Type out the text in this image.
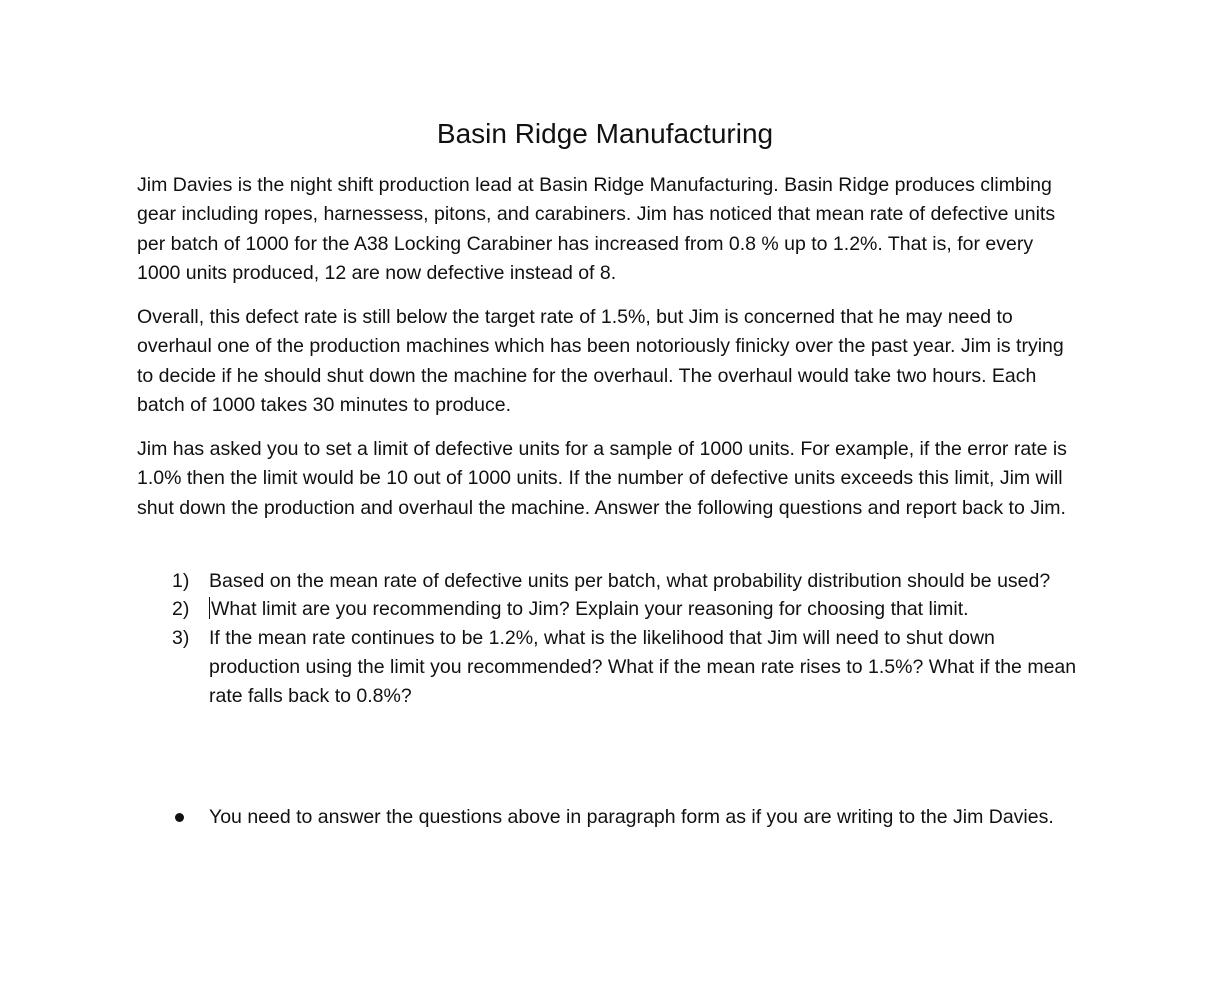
Basin Ridge Manufacturing

Jim Davies is the night shift production lead at Basin Ridge Manufacturing. Basin Ridge produces climbing gear including ropes, harnessess, pitons, and carabiners. Jim has noticed that mean rate of defective units per batch of 1000 for the A38 Locking Carabiner has increased from 0.8 % up to 1.2%. That is, for every 1000 units produced, 12 are now defective instead of 8.

Overall, this defect rate is still below the target rate of 1.5%, but Jim is concerned that he may need to overhaul one of the production machines which has been notoriously finicky over the past year. Jim is trying to decide if he should shut down the machine for the overhaul. The overhaul would take two hours. Each batch of 1000 takes 30 minutes to produce.

Jim has asked you to set a limit of defective units for a sample of 1000 units. For example, if the error rate is 1.0% then the limit would be 10 out of 1000 units. If the number of defective units exceeds this limit, Jim will shut down the production and overhaul the machine. Answer the following questions and report back to Jim.

1) Based on the mean rate of defective units per batch, what probability distribution should be used?
2) What limit are you recommending to Jim? Explain your reasoning for choosing that limit.
3) If the mean rate continues to be 1.2%, what is the likelihood that Jim will need to shut down production using the limit you recommended? What if the mean rate rises to 1.5%? What if the mean rate falls back to 0.8%?
You need to answer the questions above in paragraph form as if you are writing to the Jim Davies.
